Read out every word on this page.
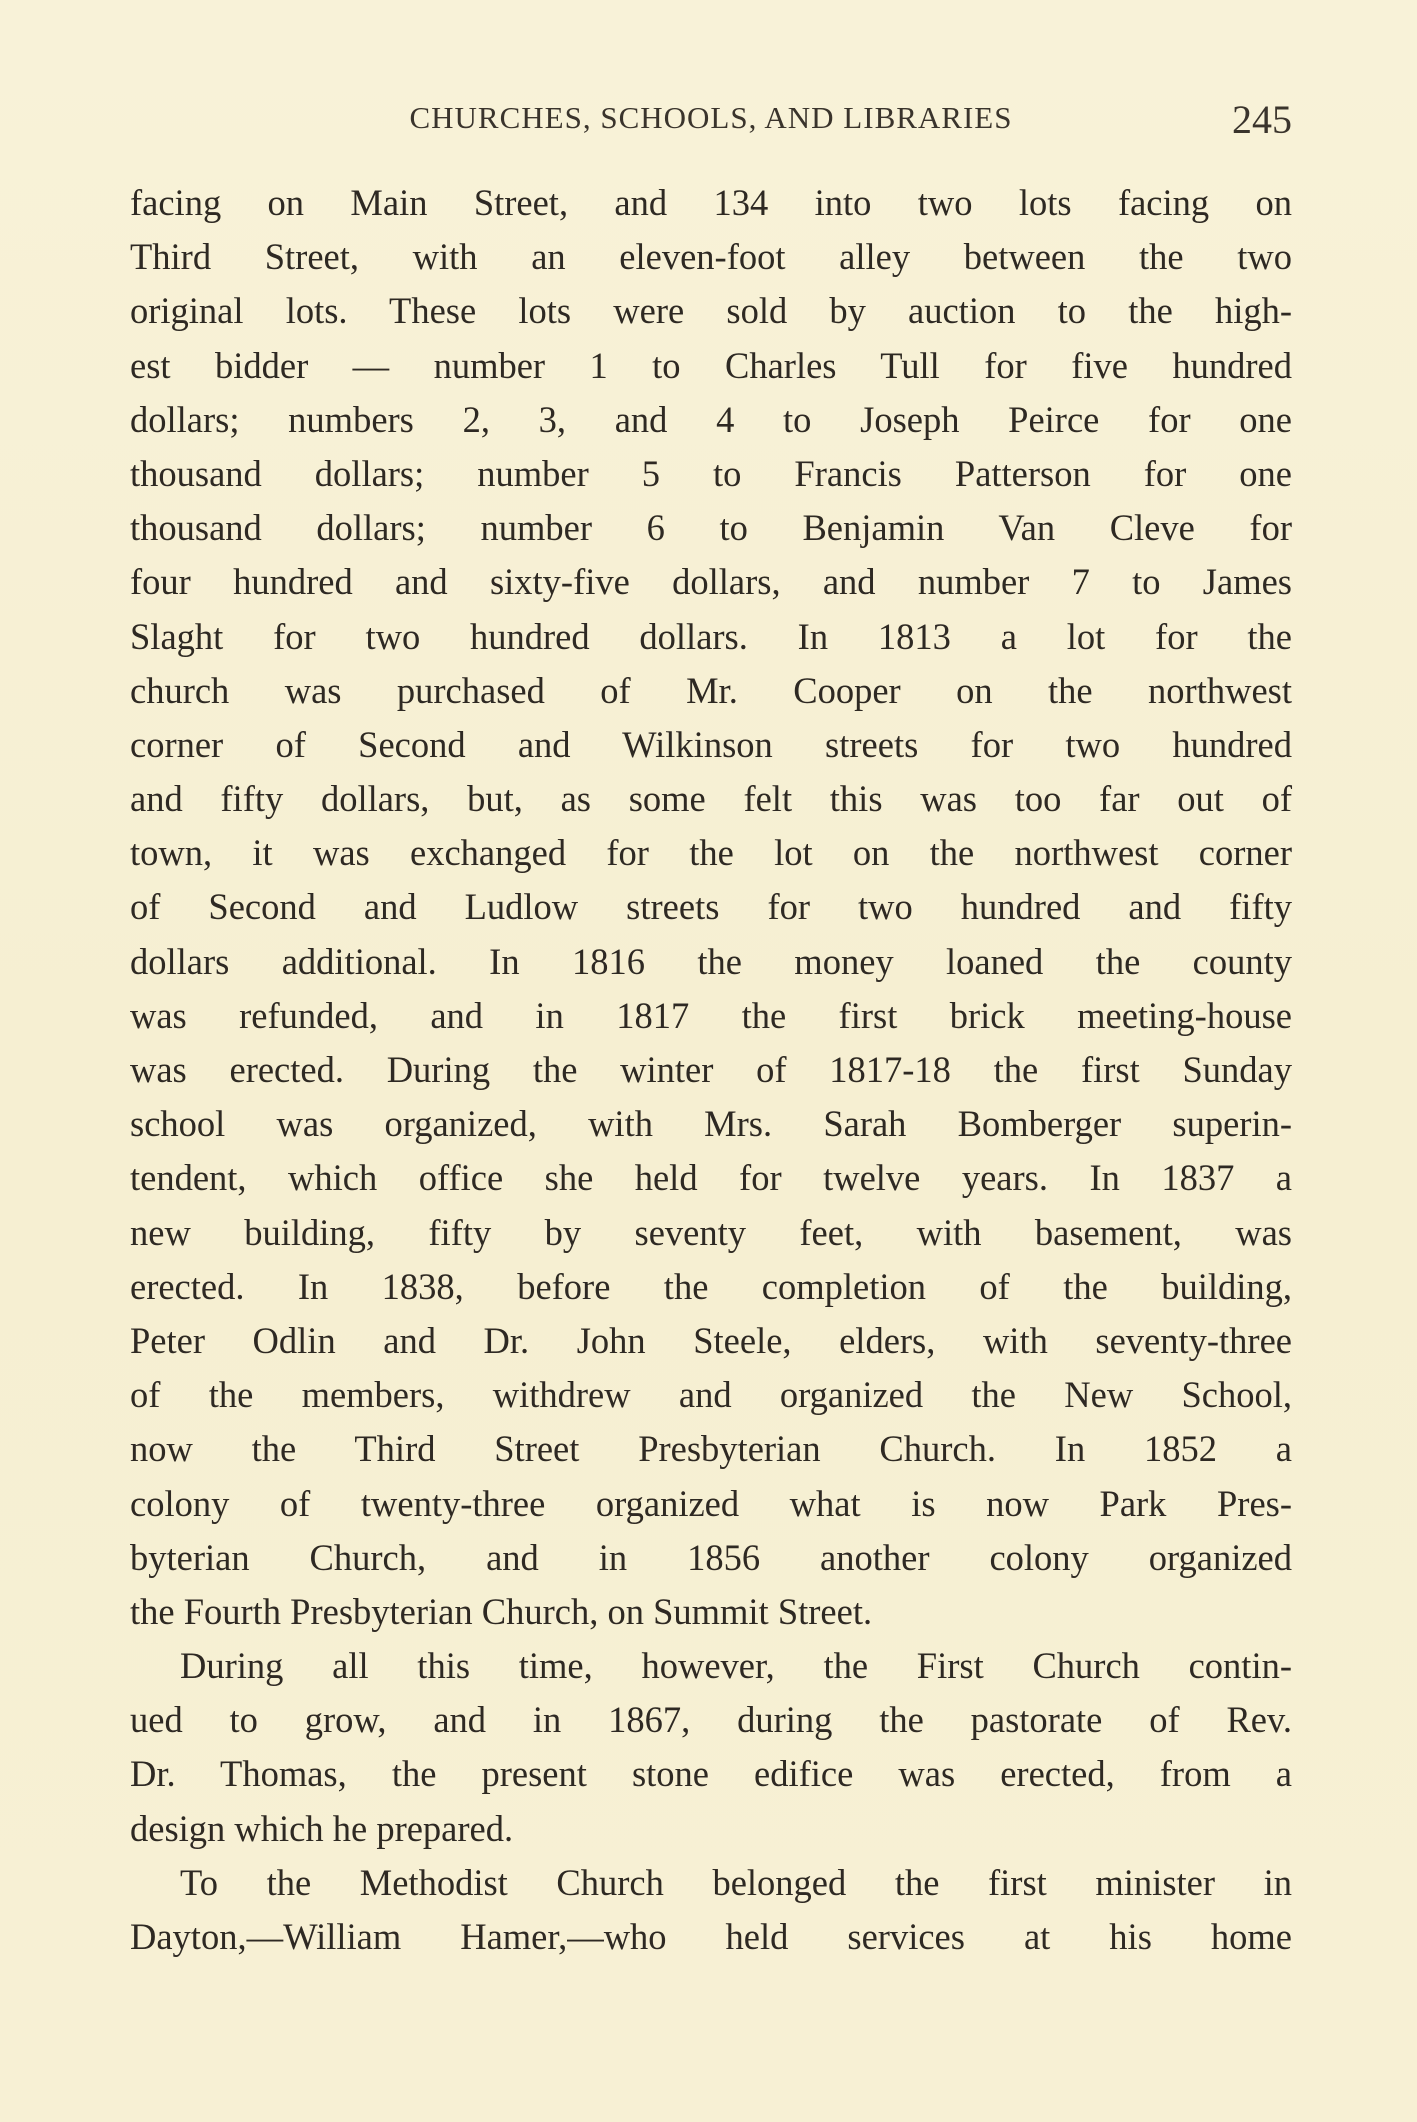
CHURCHES, SCHOOLS, AND LIBRARIES	245
facing on Main Street, and 134 into two lots facing on
Third Street, with an eleven-foot alley between the two
original lots. These lots were sold by auction to the high-
est bidder — number 1 to Charles Tull for five hundred
dollars; numbers 2, 3, and 4 to Joseph Peirce for one
thousand dollars; number 5 to Francis Patterson for one
thousand dollars; number 6 to Benjamin Van Cleve for
four hundred and sixty-five dollars, and number 7 to James
Slaght for two hundred dollars. In 1813 a lot for the
church was purchased of Mr. Cooper on the northwest
corner of Second and Wilkinson streets for two hundred
and fifty dollars, but, as some felt this was too far out of
town, it was exchanged for the lot on the northwest corner
of Second and Ludlow streets for two hundred and fifty
dollars additional. In 1816 the money loaned the county
was refunded, and in 1817 the first brick meeting-house
was erected. During the winter of 1817-18 the first Sunday
school was organized, with Mrs. Sarah Bomberger superin-
tendent, which office she held for twelve years. In 1837 a
new building, fifty by seventy feet, with basement, was
erected. In 1838, before the completion of the building,
Peter Odlin and Dr. John Steele, elders, with seventy-three
of the members, withdrew and organized the New School,
now the Third Street Presbyterian Church. In 1852 a
colony of twenty-three organized what is now Park Pres-
byterian Church, and in 1856 another colony organized
the Fourth Presbyterian Church, on Summit Street.
During all this time, however, the First Church contin-
ued to grow, and in 1867, during the pastorate of Rev.
Dr. Thomas, the present stone edifice was erected, from a
design which he prepared.
To the Methodist Church belonged the first minister in
Dayton,—William Hamer,—who held services at his home
